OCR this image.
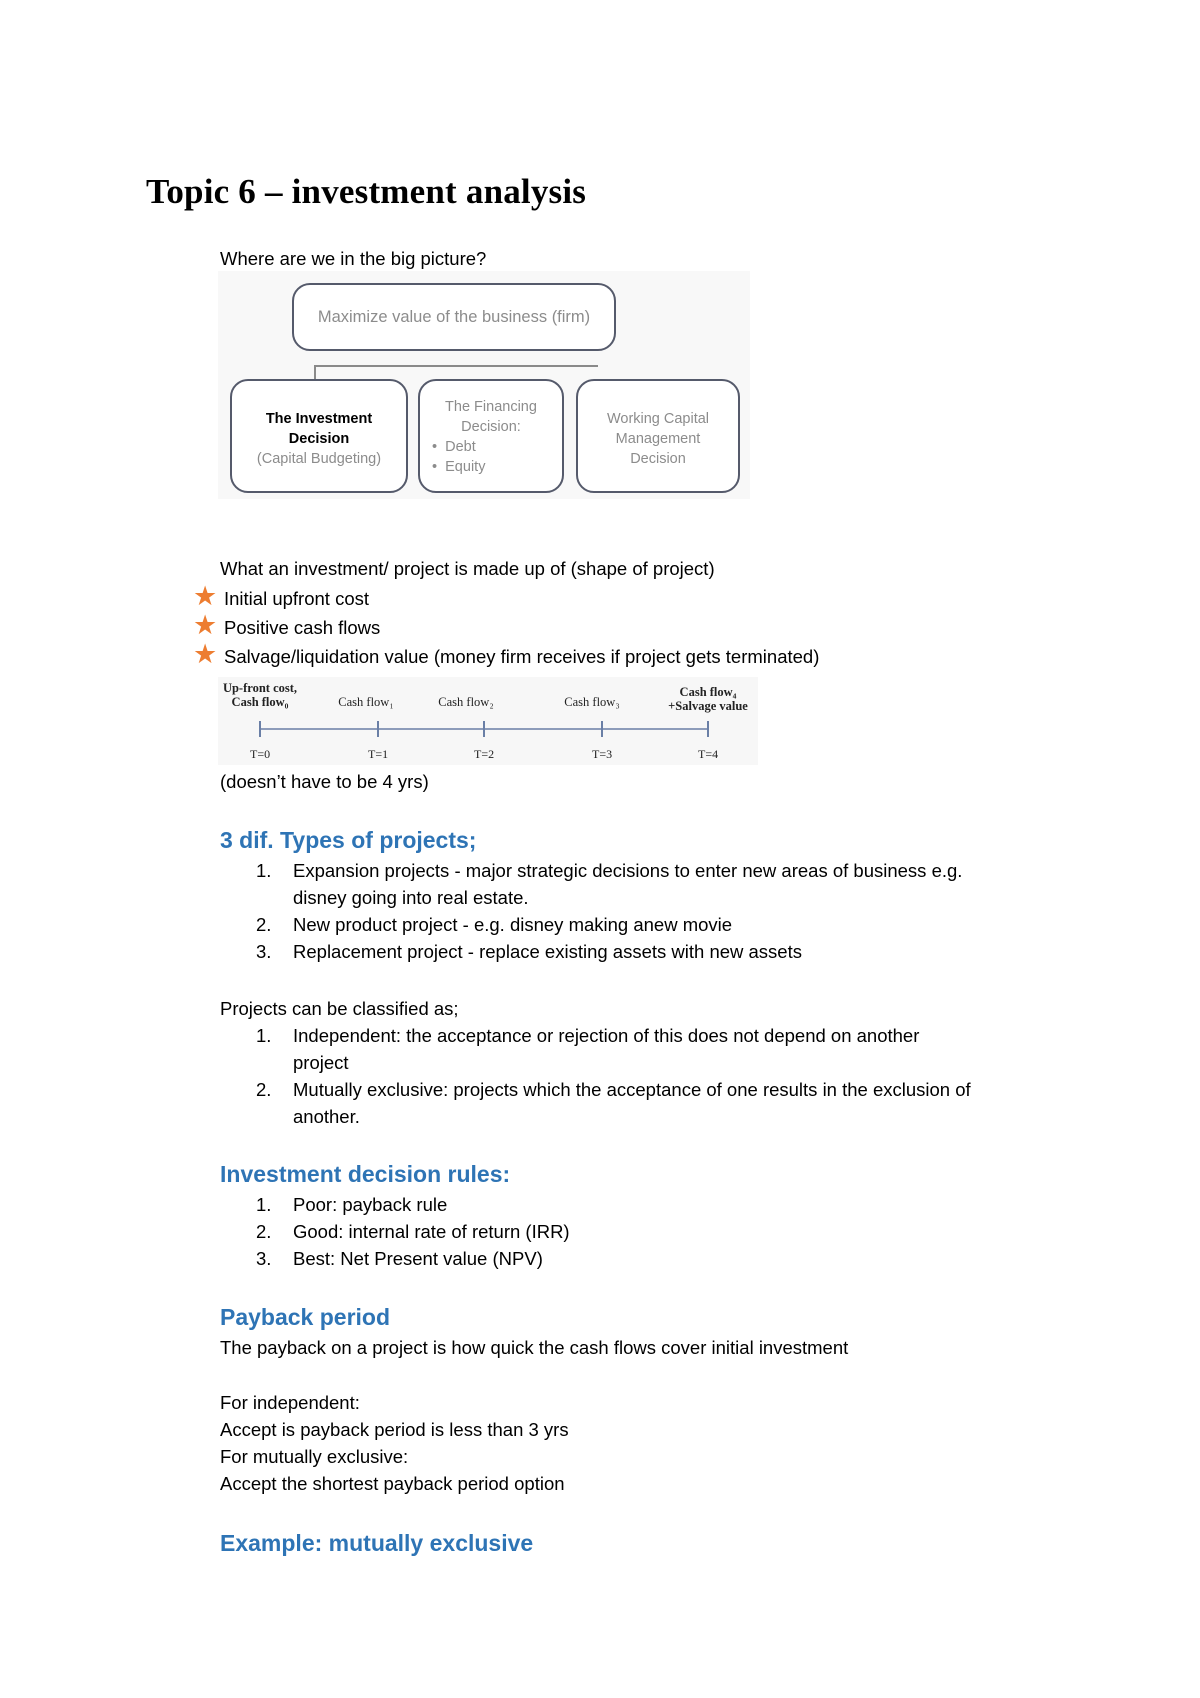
Topic 6 – investment analysis
Where are we in the big picture?
Maximize value of the business (firm)
The Investment
Decision
(Capital Budgeting)
The Financing
Decision:
•  Debt
•  Equity
Working Capital
Management
Decision
What an investment/ project is made up of (shape of project)
★ Initial upfront cost
★ Positive cash flows
★ Salvage/liquidation value (money firm receives if project gets terminated)
Up-front cost,
Cash flow₀	Cash flow₁	Cash flow₂	Cash flow₃
Cash flow₄
+Salvage value
T=0	T=1	T=2	T=3	T=4
(doesn’t have to be 4 yrs)
3 dif. Types of projects;
1. Expansion projects - major strategic decisions to enter new areas of business e.g.
disney going into real estate.
2. New product project - e.g. disney making anew movie
3. Replacement project - replace existing assets with new assets
Projects can be classified as;
1. Independent: the acceptance or rejection of this does not depend on another
project
2. Mutually exclusive: projects which the acceptance of one results in the exclusion of
another.
Investment decision rules:
1. Poor: payback rule
2. Good: internal rate of return (IRR)
3. Best: Net Present value (NPV)
Payback period
The payback on a project is how quick the cash flows cover initial investment
For independent:
Accept is payback period is less than 3 yrs
For mutually exclusive:
Accept the shortest payback period option
Example: mutually exclusive
